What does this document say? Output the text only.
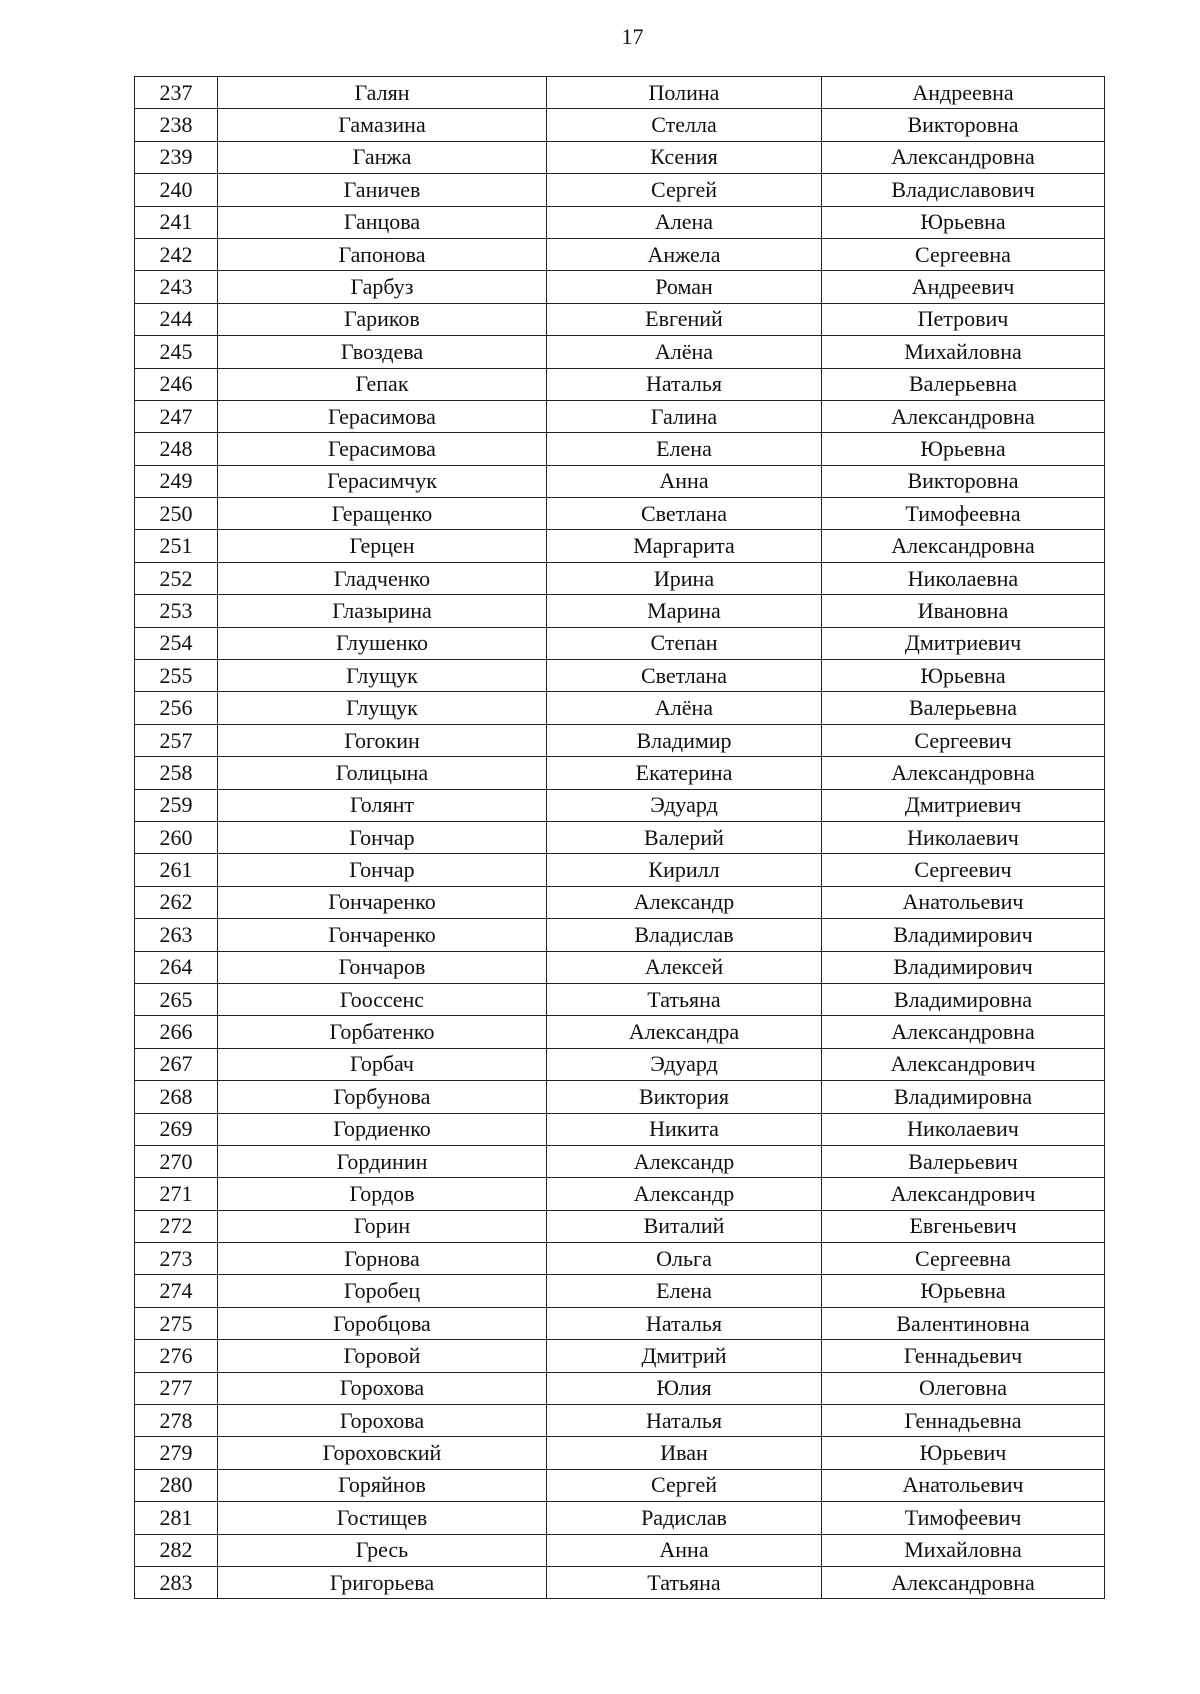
17
237	Галян	Полина	Андреевна
238	Гамазина	Стелла	Викторовна
239	Ганжа	Ксения	Александровна
240	Ганичев	Сергей	Владиславович
241	Ганцова	Алена	Юрьевна
242	Гапонова	Анжела	Сергеевна
243	Гарбуз	Роман	Андреевич
244	Гариков	Евгений	Петрович
245	Гвоздева	Алёна	Михайловна
246	Гепак	Наталья	Валерьевна
247	Герасимова	Галина	Александровна
248	Герасимова	Елена	Юрьевна
249	Герасимчук	Анна	Викторовна
250	Геращенко	Светлана	Тимофеевна
251	Герцен	Маргарита	Александровна
252	Гладченко	Ирина	Николаевна
253	Глазырина	Марина	Ивановна
254	Глушенко	Степан	Дмитриевич
255	Глущук	Светлана	Юрьевна
256	Глущук	Алёна	Валерьевна
257	Гогокин	Владимир	Сергеевич
258	Голицына	Екатерина	Александровна
259	Голянт	Эдуард	Дмитриевич
260	Гончар	Валерий	Николаевич
261	Гончар	Кирилл	Сергеевич
262	Гончаренко	Александр	Анатольевич
263	Гончаренко	Владислав	Владимирович
264	Гончаров	Алексей	Владимирович
265	Гоосcенс	Татьяна	Владимировна
266	Горбатенко	Александра	Александровна
267	Горбач	Эдуард	Александрович
268	Горбунова	Виктория	Владимировна
269	Гордиенко	Никита	Николаевич
270	Гординин	Александр	Валерьевич
271	Гордов	Александр	Александрович
272	Горин	Виталий	Евгеньевич
273	Горнова	Ольга	Сергеевна
274	Горобец	Елена	Юрьевна
275	Горобцова	Наталья	Валентиновна
276	Горовой	Дмитрий	Геннадьевич
277	Горохова	Юлия	Олеговна
278	Горохова	Наталья	Геннадьевна
279	Гороховский	Иван	Юрьевич
280	Горяйнов	Сергей	Анатольевич
281	Гостищев	Радислав	Тимофеевич
282	Гресь	Анна	Михайловна
283	Григорьева	Татьяна	Александровна
